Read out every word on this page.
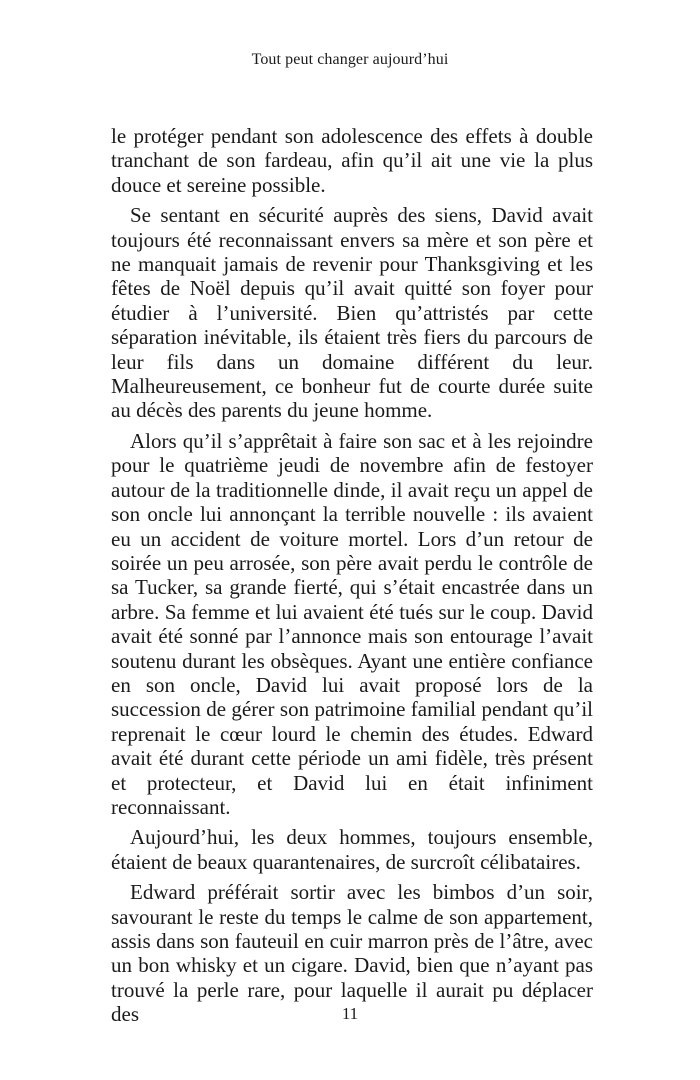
Tout peut changer aujourd’hui

le protéger pendant son adolescence des effets à double tranchant de son fardeau, afin qu’il ait une vie la plus douce et sereine possible.

Se sentant en sécurité auprès des siens, David avait toujours été reconnaissant envers sa mère et son père et ne manquait jamais de revenir pour Thanksgiving et les fêtes de Noël depuis qu’il avait quitté son foyer pour étudier à l’université. Bien qu’attristés par cette séparation inévitable, ils étaient très fiers du parcours de leur fils dans un domaine différent du leur. Malheureusement, ce bonheur fut de courte durée suite au décès des parents du jeune homme.

Alors qu’il s’apprêtait à faire son sac et à les rejoindre pour le quatrième jeudi de novembre afin de festoyer autour de la traditionnelle dinde, il avait reçu un appel de son oncle lui annonçant la terrible nouvelle : ils avaient eu un accident de voiture mortel. Lors d’un retour de soirée un peu arrosée, son père avait perdu le contrôle de sa Tucker, sa grande fierté, qui s’était encastrée dans un arbre. Sa femme et lui avaient été tués sur le coup. David avait été sonné par l’annonce mais son entourage l’avait soutenu durant les obsèques. Ayant une entière confiance en son oncle, David lui avait proposé lors de la succession de gérer son patrimoine familial pendant qu’il reprenait le cœur lourd le chemin des études. Edward avait été durant cette période un ami fidèle, très présent et protecteur, et David lui en était infiniment reconnaissant.

Aujourd’hui, les deux hommes, toujours ensemble, étaient de beaux quarantenaires, de surcroît célibataires.

Edward préférait sortir avec les bimbos d’un soir, savourant le reste du temps le calme de son appartement, assis dans son fauteuil en cuir marron près de l’âtre, avec un bon whisky et un cigare. David, bien que n’ayant pas trouvé la perle rare, pour laquelle il aurait pu déplacer des	11
